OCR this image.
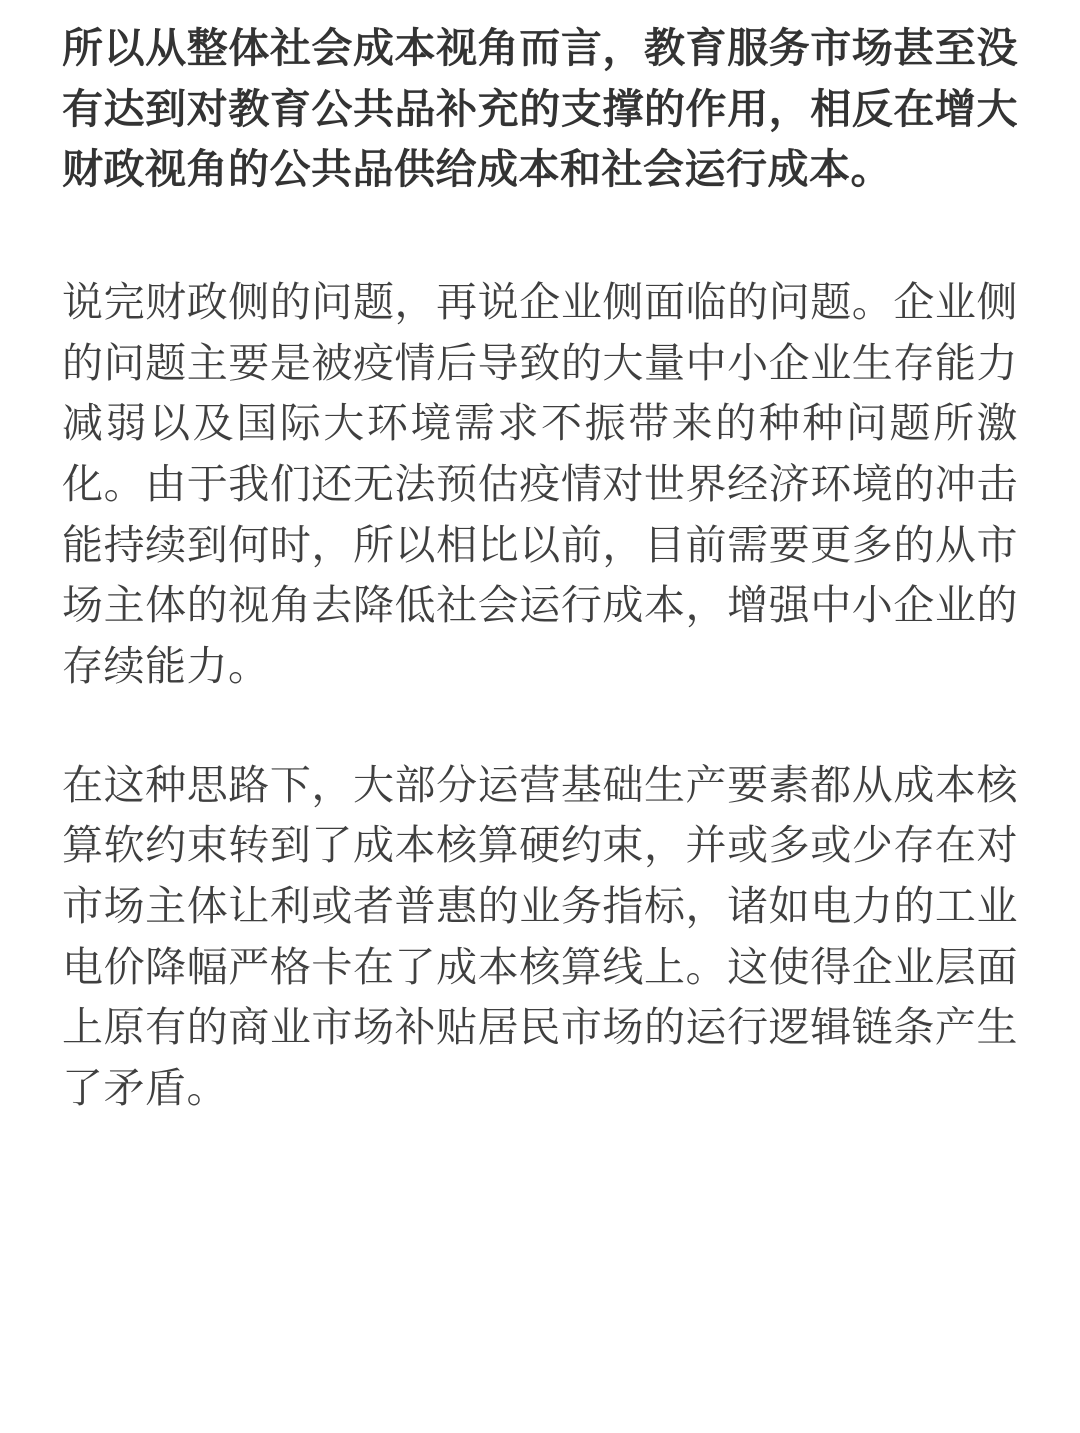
所以从整体社会成本视角而言，教育服务市场甚至没有达到对教育公共品补充的支撑的作用，相反在增大财政视角的公共品供给成本和社会运行成本。

说完财政侧的问题，再说企业侧面临的问题。企业侧的问题主要是被疫情后导致的大量中小企业生存能力减弱以及国际大环境需求不振带来的种种问题所激化。由于我们还无法预估疫情对世界经济环境的冲击能持续到何时，所以相比以前，目前需要更多的从市场主体的视角去降低社会运行成本，增强中小企业的存续能力。

在这种思路下，大部分运营基础生产要素都从成本核算软约束转到了成本核算硬约束，并或多或少存在对市场主体让利或者普惠的业务指标，诸如电力的工业电价降幅严格卡在了成本核算线上。这使得企业层面上原有的商业市场补贴居民市场的运行逻辑链条产生了矛盾。
